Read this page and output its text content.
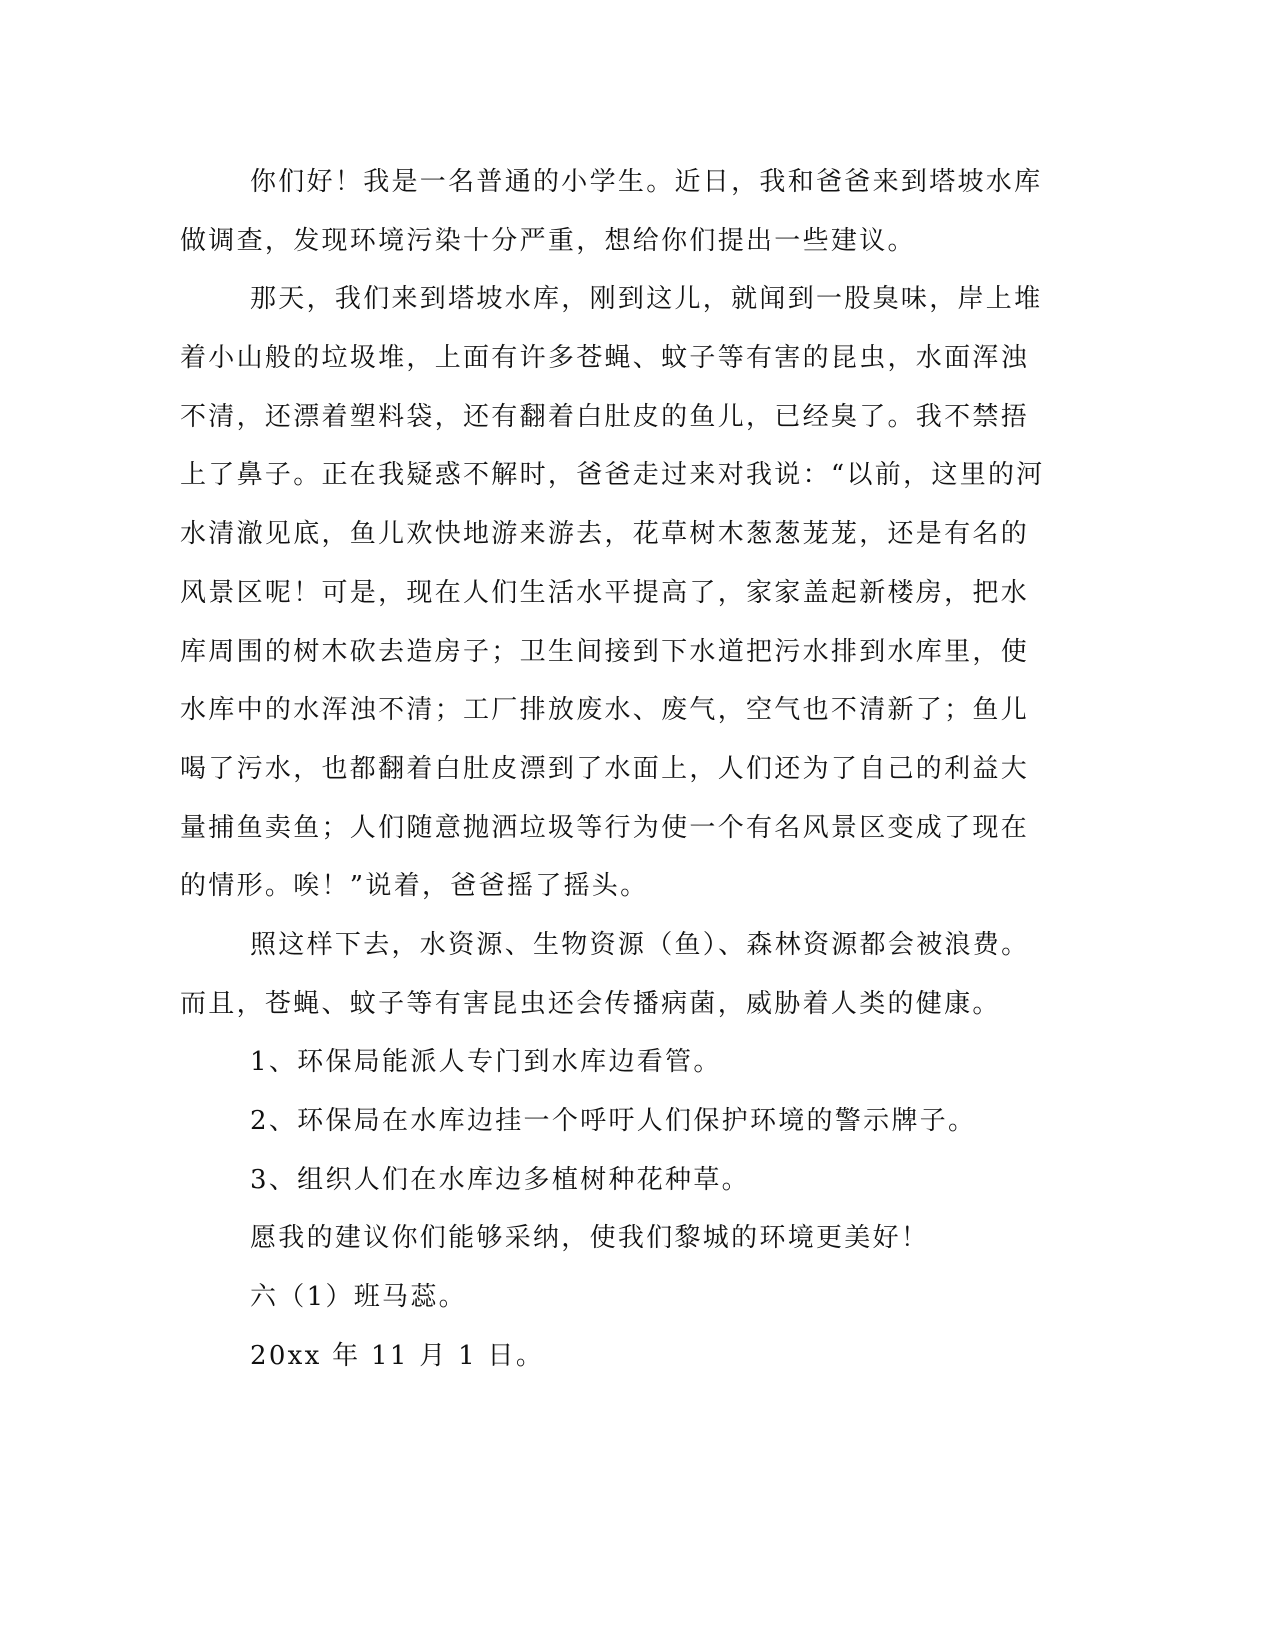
你们好！我是一名普通的小学生。近日，我和爸爸来到塔坡水库
做调查，发现环境污染十分严重，想给你们提出一些建议。
那天，我们来到塔坡水库，刚到这儿，就闻到一股臭味，岸上堆
着小山般的垃圾堆，上面有许多苍蝇、蚊子等有害的昆虫，水面浑浊
不清，还漂着塑料袋，还有翻着白肚皮的鱼儿，已经臭了。我不禁捂
上了鼻子。正在我疑惑不解时，爸爸走过来对我说：“以前，这里的河
水清澈见底，鱼儿欢快地游来游去，花草树木葱葱茏茏，还是有名的
风景区呢！可是，现在人们生活水平提高了，家家盖起新楼房，把水
库周围的树木砍去造房子；卫生间接到下水道把污水排到水库里，使
水库中的水浑浊不清；工厂排放废水、废气，空气也不清新了；鱼儿
喝了污水，也都翻着白肚皮漂到了水面上，人们还为了自己的利益大
量捕鱼卖鱼；人们随意抛洒垃圾等行为使一个有名风景区变成了现在
的情形。唉！”说着，爸爸摇了摇头。
照这样下去，水资源、生物资源（鱼）、森林资源都会被浪费。
而且，苍蝇、蚊子等有害昆虫还会传播病菌，威胁着人类的健康。
1、环保局能派人专门到水库边看管。
2、环保局在水库边挂一个呼吁人们保护环境的警示牌子。
3、组织人们在水库边多植树种花种草。
愿我的建议你们能够采纳，使我们黎城的环境更美好！
六（1）班马蕊。
20xx 年 11 月 1 日。
